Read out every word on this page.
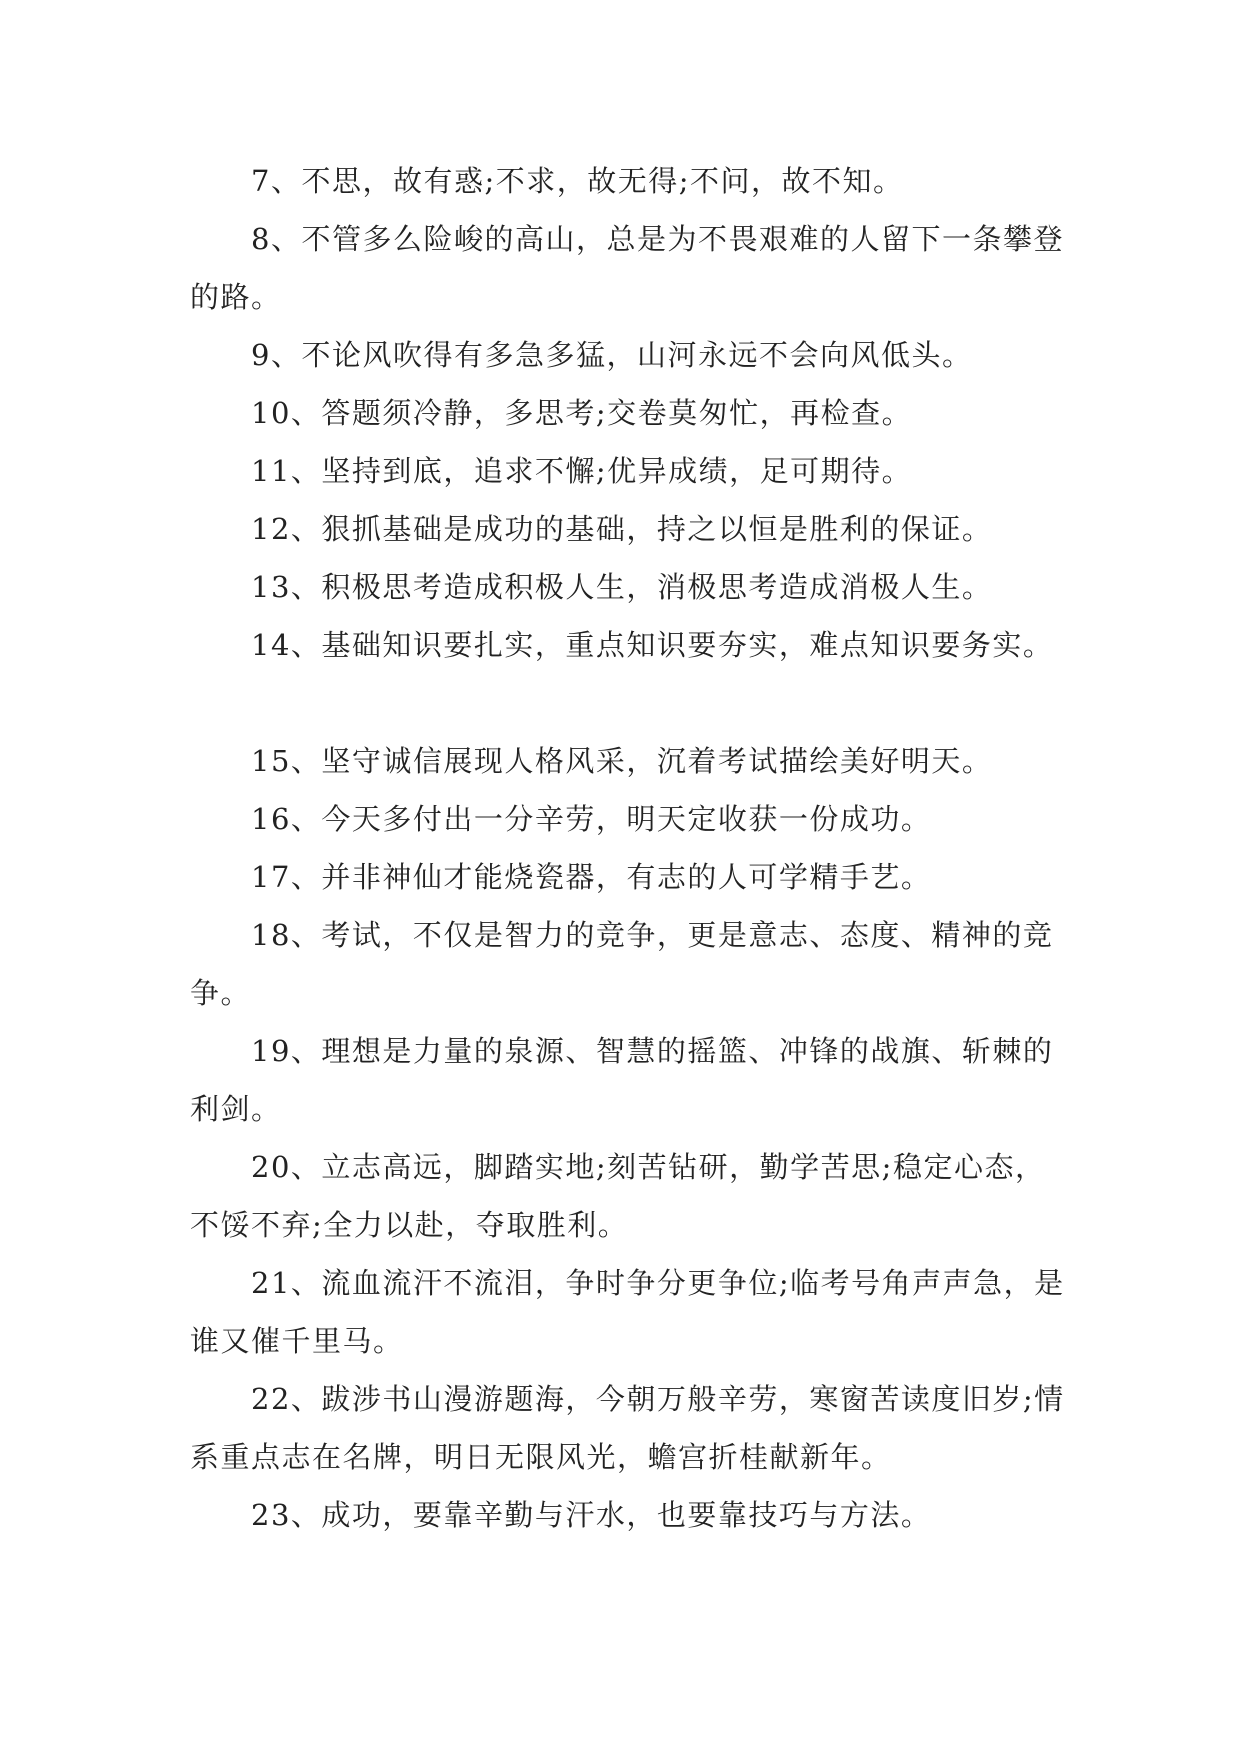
7、不思，故有惑;不求，故无得;不问，故不知。

8、不管多么险峻的高山，总是为不畏艰难的人留下一条攀登的路。

9、不论风吹得有多急多猛，山河永远不会向风低头。

10、答题须冷静，多思考;交卷莫匆忙，再检查。

11、坚持到底，追求不懈;优异成绩，足可期待。

12、狠抓基础是成功的基础，持之以恒是胜利的保证。

13、积极思考造成积极人生，消极思考造成消极人生。

14、基础知识要扎实，重点知识要夯实，难点知识要务实。

15、坚守诚信展现人格风采，沉着考试描绘美好明天。

16、今天多付出一分辛劳，明天定收获一份成功。

17、并非神仙才能烧瓷器，有志的人可学精手艺。

18、考试，不仅是智力的竞争，更是意志、态度、精神的竞争。

19、理想是力量的泉源、智慧的摇篮、冲锋的战旗、斩棘的利剑。

20、立志高远，脚踏实地;刻苦钻研，勤学苦思;稳定心态，不馁不弃;全力以赴，夺取胜利。

21、流血流汗不流泪，争时争分更争位;临考号角声声急，是谁又催千里马。

22、跋涉书山漫游题海，今朝万般辛劳，寒窗苦读度旧岁;情系重点志在名牌，明日无限风光，蟾宫折桂献新年。

23、成功，要靠辛勤与汗水，也要靠技巧与方法。
